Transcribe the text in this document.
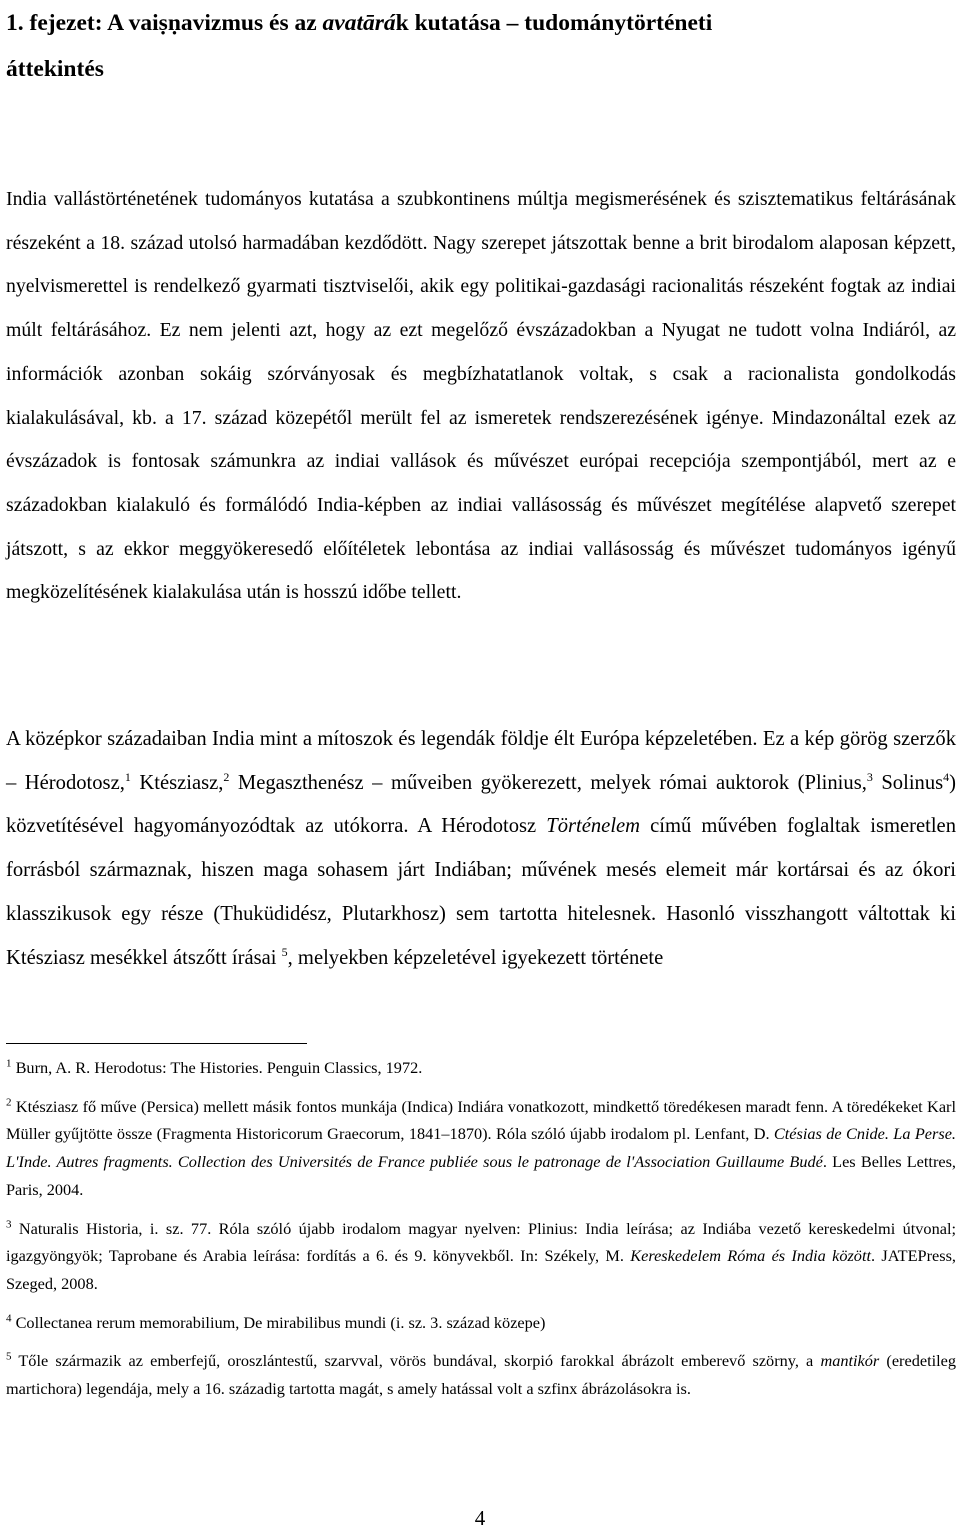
1. fejezet: A vaiṣṇavizmus és az avatārák kutatása – tudománytörténeti
áttekintés

India vallástörténetének tudományos kutatása a szubkontinens múltja megismerésének és szisztematikus feltárásának részeként a 18. század utolsó harmadában kezdődött. Nagy szerepet játszottak benne a brit birodalom alaposan képzett, nyelvismerettel is rendelkező gyarmati tisztviselői, akik egy politikai-gazdasági racionalitás részeként fogtak az indiai múlt feltárásához. Ez nem jelenti azt, hogy az ezt megelőző évszázadokban a Nyugat ne tudott volna Indiáról, az információk azonban sokáig szórványosak és megbízhatatlanok voltak, s csak a racionalista gondolkodás kialakulásával, kb. a 17. század közepétől merült fel az ismeretek rendszerezésének igénye. Mindazonáltal ezek az évszázadok is fontosak számunkra az indiai vallások és művészet európai recepciója szempontjából, mert az e századokban kialakuló és formálódó India-képben az indiai vallásosság és művészet megítélése alapvető szerepet játszott, s az ekkor meggyökeresedő előítéletek lebontása az indiai vallásosság és művészet tudományos igényű megközelítésének kialakulása után is hosszú időbe tellett.

A középkor századaiban India mint a mítoszok és legendák földje élt Európa képzeletében. Ez a kép görög szerzők – Hérodotosz,$^1$ Ktésziasz,$^2$ Megaszthenész – műveiben gyökerezett, melyek római auktorok (Plinius,$^3$ Solinus$^4$) közvetítésével hagyományozódtak az utókorra. A Hérodotosz Történelem című művében foglaltak ismeretlen forrásból származnak, hiszen maga sohasem járt Indiában; művének mesés elemeit már kortársai és az ókori klasszikusok egy része (Thuküdidész, Plutarkhosz) sem tartotta hitelesnek. Hasonló visszhangott váltottak ki Ktésziasz mesékkel átszőtt írásai $^5$, melyekben képzeletével igyekezett története

$^1$ Burn, A. R. Herodotus: The Histories. Penguin Classics, 1972.

$^2$ Ktésziasz fő műve (Persica) mellett másik fontos munkája (Indica) Indiára vonatkozott, mindkettő töredékesen maradt fenn. A töredékeket Karl Müller gyűjtötte össze (Fragmenta Historicorum Graecorum, 1841–1870). Róla szóló újabb irodalom pl. Lenfant, D. Ctésias de Cnide. La Perse. L'Inde. Autres fragments. Collection des Universités de France publiée sous le patronage de l'Association Guillaume Budé. Les Belles Lettres, Paris, 2004.

$^3$ Naturalis Historia, i. sz. 77. Róla szóló újabb irodalom magyar nyelven: Plinius: India leírása; az Indiába vezető kereskedelmi útvonal; igazgyöngyök; Taprobane és Arabia leírása: fordítás a 6. és 9. könyvekből. In: Székely, M. Kereskedelem Róma és India között. JATEPress, Szeged, 2008.

$^4$ Collectanea rerum memorabilium, De mirabilibus mundi (i. sz. 3. század közepe)

$^5$ Tőle származik az emberfejű, oroszlántestű, szarvval, vörös bundával, skorpió farokkal ábrázolt emberevő szörny, a mantikór (eredetileg martichora) legendája, mely a 16. századig tartotta magát, s amely hatással volt a szfinx ábrázolásokra is.

4
